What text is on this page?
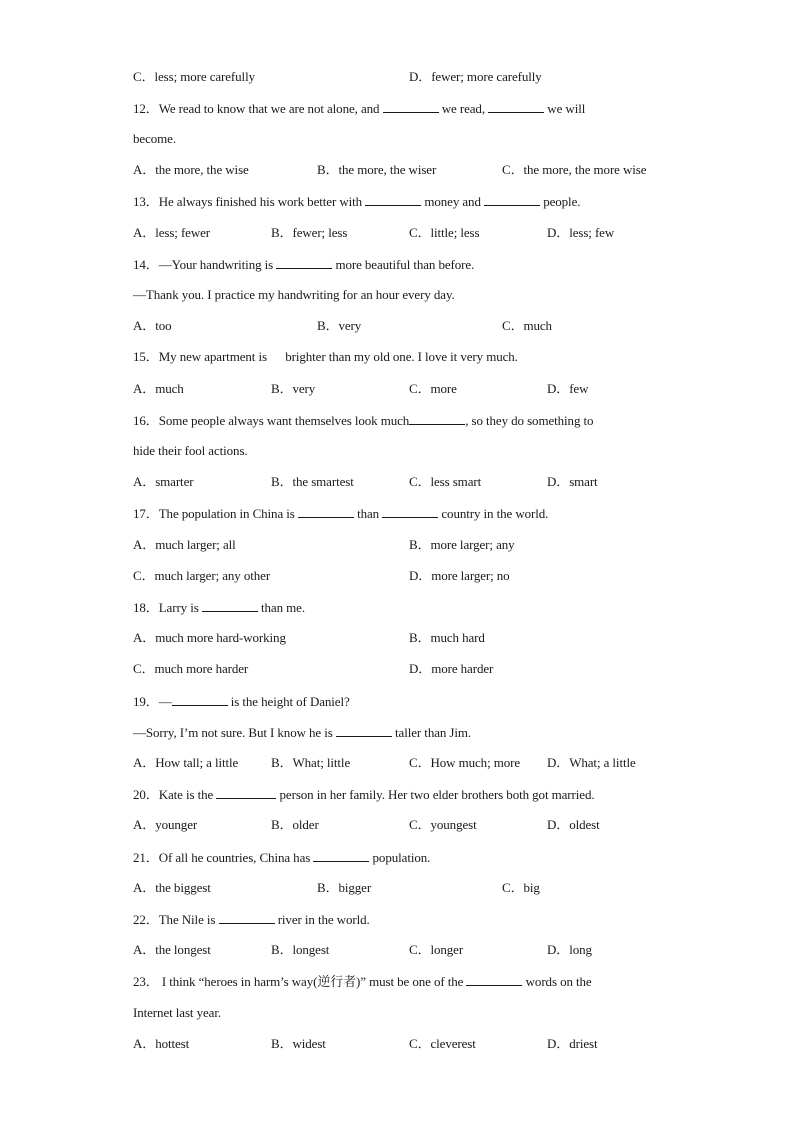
C．less; more carefully	D．fewer; more carefully
12．We read to know that we are not alone, and	we read,	we will
become.
A．the more, the wise	B．the more, the wiser	C．the more, the more wise
13．He always finished his work better with	money and	people.
A．less; fewer	B．fewer; less	C．little; less	D．less; few
14．—Your handwriting is	more beautiful than before.
—Thank you. I practice my handwriting for an hour every day.
A．too	B．very	C．much
15．My new apartment is brighter than my old one. I love it very much.
A．much	B．very	C．more	D．few
16．Some people always want themselves look much	, so they do something to
hide their fool actions.
A．smarter	B．the smartest	C．less smart	D．smart
17．The population in China is	than	country in the world.
A．much larger; all	B．more larger; any
C．much larger; any other	D．more larger; no
18．Larry is	than me.
A．much more hard-working	B．much hard
C．much more harder	D．more harder
19．—	is the height of Daniel?
—Sorry, I’m not sure. But I know he is	taller than Jim.
A．How tall; a little	B．What; little	C．How much; more D．What; a little
20．Kate is the	person in her family. Her two elder brothers both got married.
A．younger	B．older	C．youngest	D．oldest
21．Of all he countries, China has	population.
A．the biggest	B．bigger	C．big
22．The Nile is	river in the world.
A．the longest	B．longest	C．longer	D．long
23． I think “heroes in harm’s way(逆行者)” must be one of the	words on the
Internet last year.
A．hottest	B．widest	C．cleverest	D．driest
